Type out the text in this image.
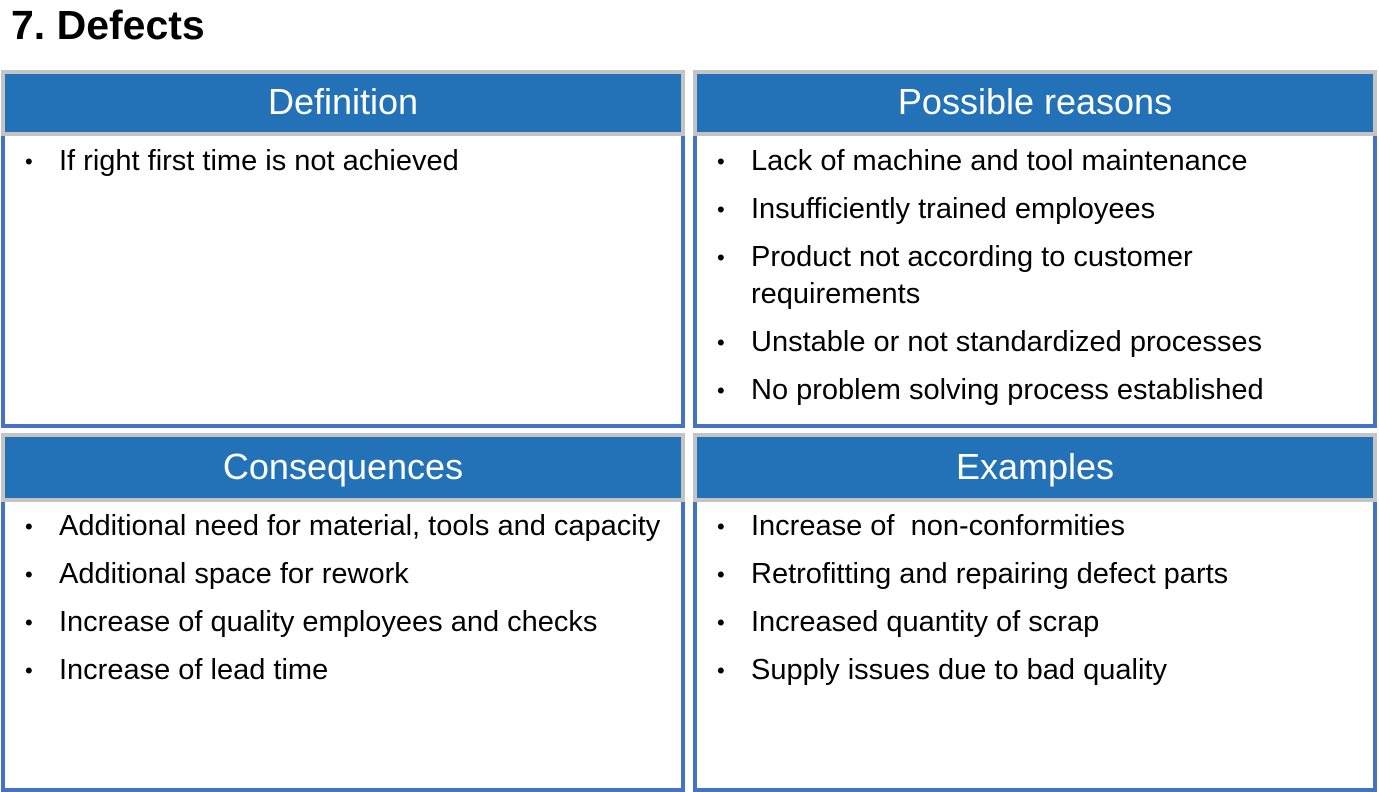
7. Defects
Definition
• If right first time is not achieved
Possible reasons
• Lack of machine and tool maintenance
• Insufficiently trained employees
• Product not according to customer requirements
• Unstable or not standardized processes
• No problem solving process established
Consequences
• Additional need for material, tools and capacity
• Additional space for rework
• Increase of quality employees and checks
• Increase of lead time
Examples
• Increase of  non-conformities
• Retrofitting and repairing defect parts
• Increased quantity of scrap
• Supply issues due to bad quality
